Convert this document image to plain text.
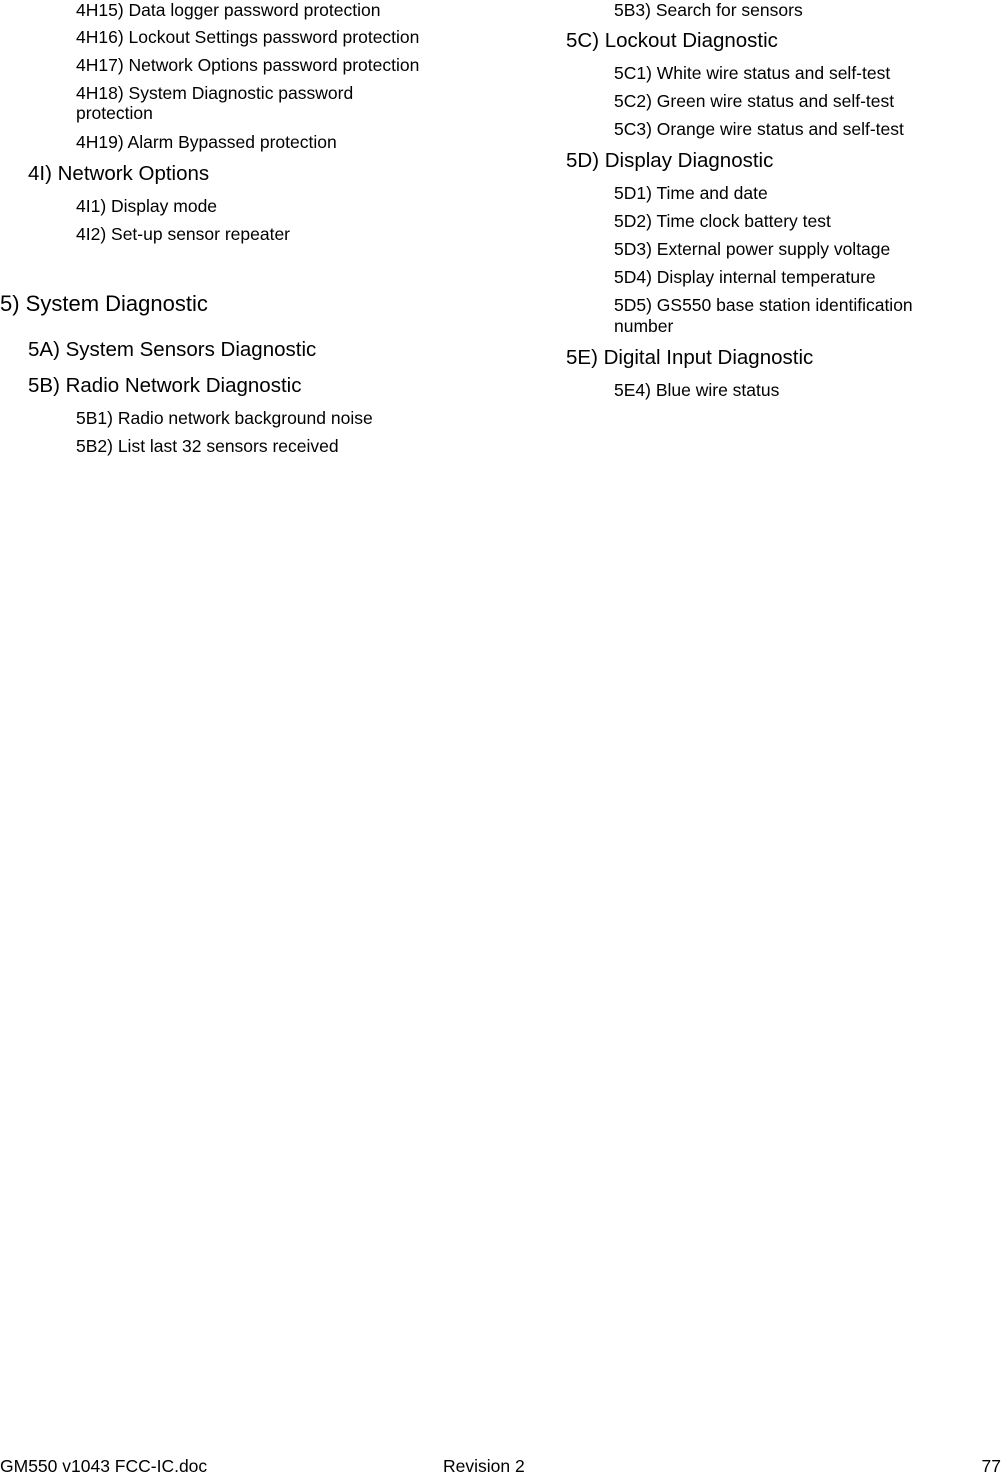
4H15) Data logger password protection
4H16) Lockout Settings password protection
4H17) Network Options password protection
4H18) System Diagnostic password
protection
4H19) Alarm Bypassed protection
4I) Network Options
4I1) Display mode
4I2) Set-up sensor repeater
5) System Diagnostic
5A) System Sensors Diagnostic
5B) Radio Network Diagnostic
5B1) Radio network background noise
5B2) List last 32 sensors received
5B3) Search for sensors
5C) Lockout Diagnostic
5C1) White wire status and self-test
5C2) Green wire status and self-test
5C3) Orange wire status and self-test
5D) Display Diagnostic
5D1) Time and date
5D2) Time clock battery test
5D3) External power supply voltage
5D4) Display internal temperature
5D5) GS550 base station identification
number
5E) Digital Input Diagnostic
5E4) Blue wire status
GM550 v1043 FCC-IC.doc	Revision 2	77
